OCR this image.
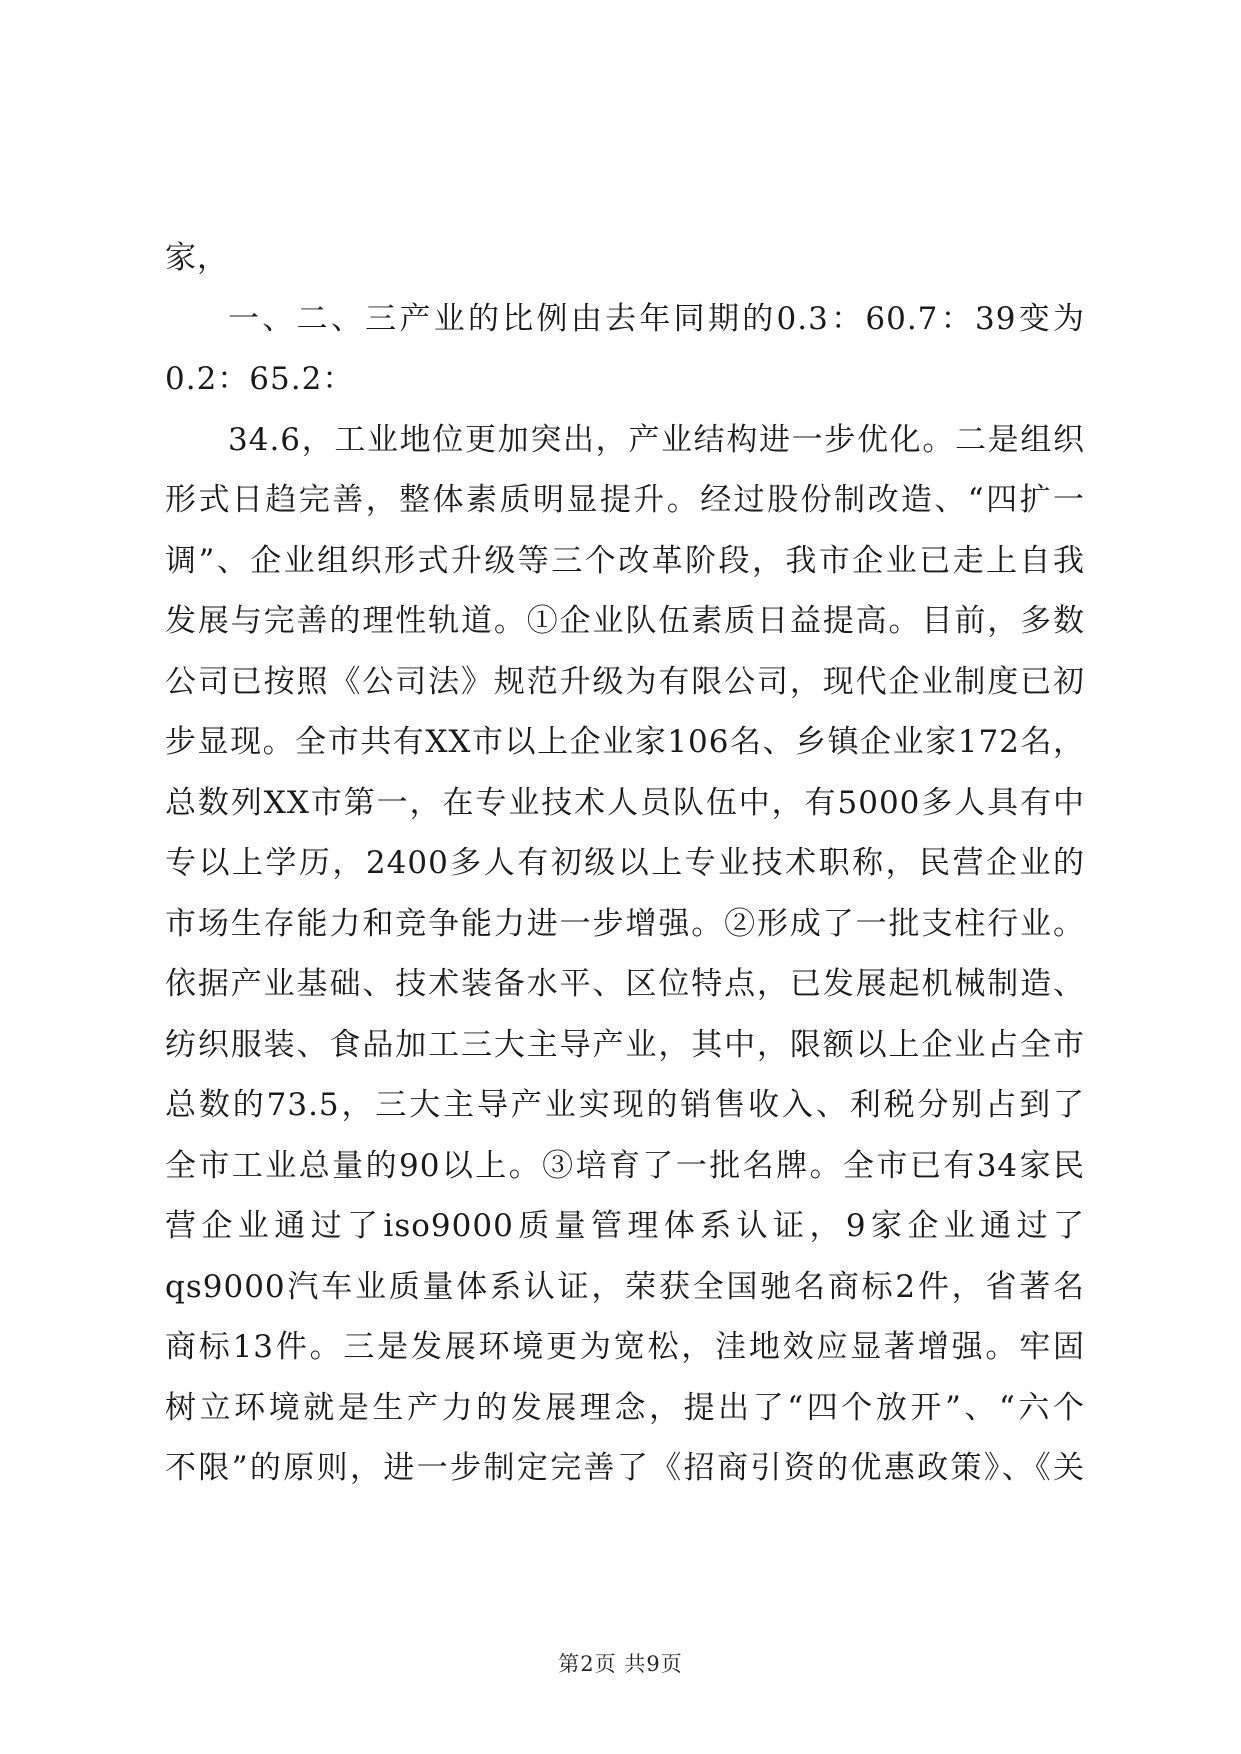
家，
一、二、三产业的比例由去年同期的0.3：60.7：39变为
0.2：65.2：
34.6，工业地位更加突出，产业结构进一步优化。二是组织
形式日趋完善，整体素质明显提升。经过股份制改造、“四扩一
调”、企业组织形式升级等三个改革阶段，我市企业已走上自我
发展与完善的理性轨道。①企业队伍素质日益提高。目前，多数
公司已按照《公司法》规范升级为有限公司，现代企业制度已初
步显现。全市共有XX市以上企业家106名、乡镇企业家172名，
总数列XX市第一，在专业技术人员队伍中，有5000多人具有中
专以上学历，2400多人有初级以上专业技术职称，民营企业的
市场生存能力和竞争能力进一步增强。②形成了一批支柱行业。
依据产业基础、技术装备水平、区位特点，已发展起机械制造、
纺织服装、食品加工三大主导产业，其中，限额以上企业占全市
总数的73.5，三大主导产业实现的销售收入、利税分别占到了
全市工业总量的90以上。③培育了一批名牌。全市已有34家民
营企业通过了iso9000质量管理体系认证，9家企业通过了
qs9000汽车业质量体系认证，荣获全国驰名商标2件，省著名
商标13件。三是发展环境更为宽松，洼地效应显著增强。牢固
树立环境就是生产力的发展理念，提出了“四个放开”、“六个
不限”的原则，进一步制定完善了《招商引资的优惠政策》、《关
第2页 共9页
